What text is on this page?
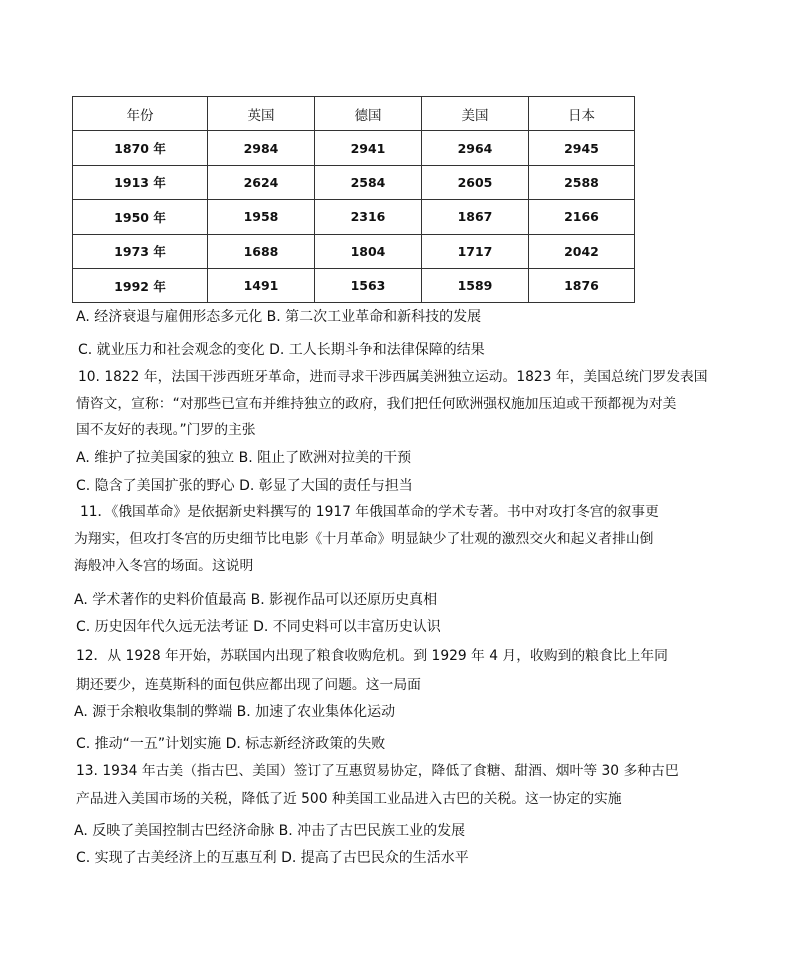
年份	英国	德国	美国	日本
1870 年	2984	2941	2964	2945
1913 年	2624	2584	2605	2588
1950 年	1958	2316	1867	2166
1973 年	1688	1804	1717	2042
1992 年	1491	1563	1589	1876
A. 经济衰退与雇佣形态多元化 B. 第二次工业革命和新科技的发展
C. 就业压力和社会观念的变化 D. 工人长期斗争和法律保障的结果
10. 1822 年，法国干涉西班牙革命，进而寻求干涉西属美洲独立运动。1823 年，美国总统门罗发表国
情咨文，宣称：“对那些已宣布并维持独立的政府，我们把任何欧洲强权施加压迫或干预都视为对美
国不友好的表现。”门罗的主张
A. 维护了拉美国家的独立 B. 阻止了欧洲对拉美的干预
C. 隐含了美国扩张的野心 D. 彰显了大国的责任与担当
11．《俄国革命》是依据新史料撰写的 1917 年俄国革命的学术专著。书中对攻打冬宫的叙事更
为翔实，但攻打冬宫的历史细节比电影《十月革命》明显缺少了壮观的激烈交火和起义者排山倒
海般冲入冬宫的场面。这说明
A. 学术著作的史料价值最高 B. 影视作品可以还原历史真相
C. 历史因年代久远无法考证 D. 不同史料可以丰富历史认识
12．从 1928 年开始，苏联国内出现了粮食收购危机。到 1929 年 4 月，收购到的粮食比上年同
期还要少，连莫斯科的面包供应都出现了问题。这一局面
A. 源于余粮收集制的弊端 B. 加速了农业集体化运动
C. 推动“一五”计划实施 D. 标志新经济政策的失败
13. 1934 年古美（指古巴、美国）签订了互惠贸易协定，降低了食糖、甜酒、烟叶等 30 多种古巴
产品进入美国市场的关税，降低了近 500 种美国工业品进入古巴的关税。这一协定的实施
A. 反映了美国控制古巴经济命脉 B. 冲击了古巴民族工业的发展
C. 实现了古美经济上的互惠互利 D. 提高了古巴民众的生活水平
